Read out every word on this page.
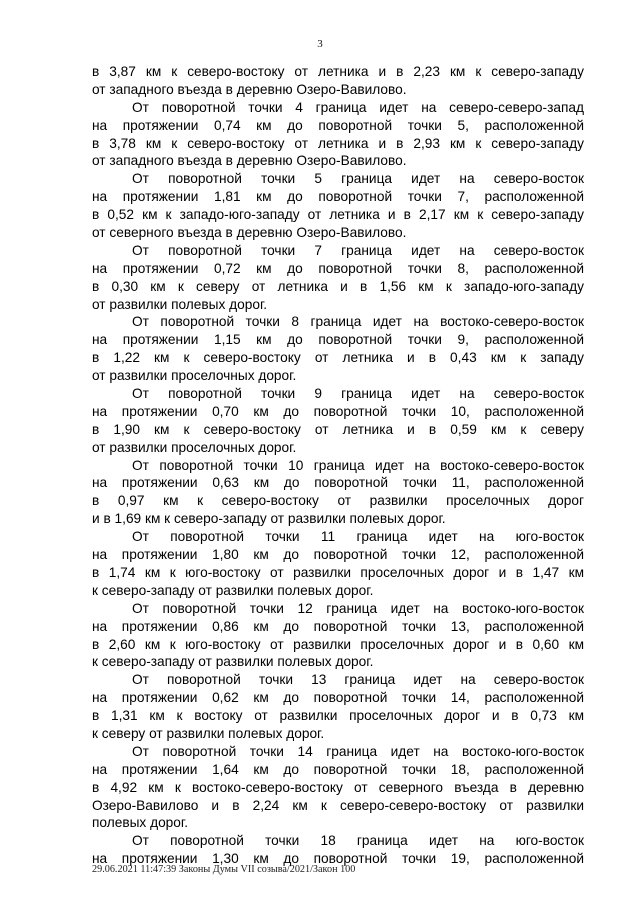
3
в 3,87 км к северо-востоку от летника и в 2,23 км к северо-западу
от западного въезда в деревню Озеро-Вавилово.
От поворотной точки 4 граница идет на северо-северо-запад
на протяжении 0,74 км до поворотной точки 5, расположенной
в 3,78 км к северо-востоку от летника и в 2,93 км к северо-западу
от западного въезда в деревню Озеро-Вавилово.
От поворотной точки 5 граница идет на северо-восток
на протяжении 1,81 км до поворотной точки 7, расположенной
в 0,52 км к западо-юго-западу от летника и в 2,17 км к северо-западу
от северного въезда в деревню Озеро-Вавилово.
От поворотной точки 7 граница идет на северо-восток
на протяжении 0,72 км до поворотной точки 8, расположенной
в 0,30 км к северу от летника и в 1,56 км к западо-юго-западу
от развилки полевых дорог.
От поворотной точки 8 граница идет на востоко-северо-восток
на протяжении 1,15 км до поворотной точки 9, расположенной
в 1,22 км к северо-востоку от летника и в 0,43 км к западу
от развилки проселочных дорог.
От поворотной точки 9 граница идет на северо-восток
на протяжении 0,70 км до поворотной точки 10, расположенной
в 1,90 км к северо-востоку от летника и в 0,59 км к северу
от развилки проселочных дорог.
От поворотной точки 10 граница идет на востоко-северо-восток
на протяжении 0,63 км до поворотной точки 11, расположенной
в 0,97 км к северо-востоку от развилки проселочных дорог
и в 1,69 км к северо-западу от развилки полевых дорог.
От поворотной точки 11 граница идет на юго-восток
на протяжении 1,80 км до поворотной точки 12, расположенной
в 1,74 км к юго-востоку от развилки проселочных дорог и в 1,47 км
к северо-западу от развилки полевых дорог.
От поворотной точки 12 граница идет на востоко-юго-восток
на протяжении 0,86 км до поворотной точки 13, расположенной
в 2,60 км к юго-востоку от развилки проселочных дорог и в 0,60 км
к северо-западу от развилки полевых дорог.
От поворотной точки 13 граница идет на северо-восток
на протяжении 0,62 км до поворотной точки 14, расположенной
в 1,31 км к востоку от развилки проселочных дорог и в 0,73 км
к северу от развилки полевых дорог.
От поворотной точки 14 граница идет на востоко-юго-восток
на протяжении 1,64 км до поворотной точки 18, расположенной
в 4,92 км к востоко-северо-востоку от северного въезда в деревню
Озеро-Вавилово и в 2,24 км к северо-северо-востоку от развилки
полевых дорог.
От поворотной точки 18 граница идет на юго-восток
на протяжении 1,30 км до поворотной точки 19, расположенной
29.06.2021 11:47:39 Законы Думы VII созыва/2021/Закон 100
